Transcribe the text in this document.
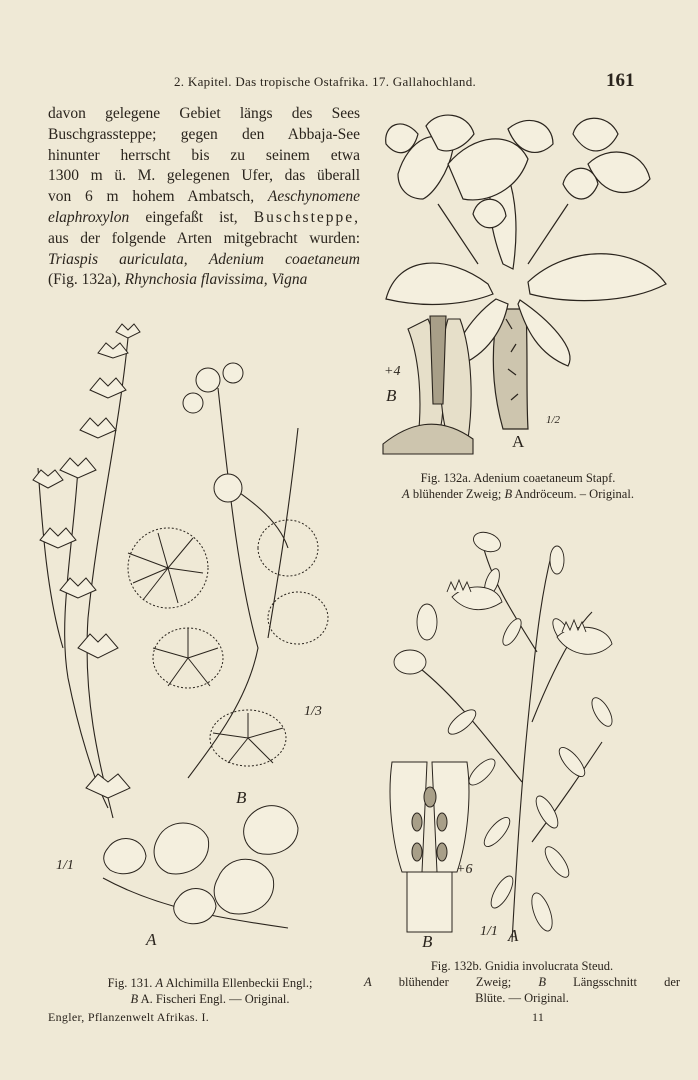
2. Kapitel. Das tropische Ostafrika. 17. Gallahochland.	161
davon gelegene Gebiet längs des Sees
Buschgrassteppe; gegen den Abbaja-See
hinunter herrscht bis zu seinem etwa
1300 m ü. M. gelegenen Ufer, das überall
von 6 m hohem Ambatsch, Aeschynomene
elaphroxylon eingefaßt ist, Buschsteppe,
aus der folgende Arten mitgebracht wurden:
Triaspis auriculata, Adenium coaetaneum
(Fig. 132a), Rhynchosia flavissima, Vigna
+4
B
A
1/2
Fig. 132a. Adenium coaetaneum Stapf.
A blühender Zweig; B Andröceum. – Original.
1/1
A
B
1/3
Fig. 131. A Alchimilla Ellenbeckii Engl.;
B A. Fischeri Engl. — Original.
+6
B
1/1 A
Fig. 132b. Gnidia involucrata Steud.
A blühender Zweig; B Längsschnitt der
Blüte. — Original.
Engler, Pflanzenwelt Afrikas. I.	11
